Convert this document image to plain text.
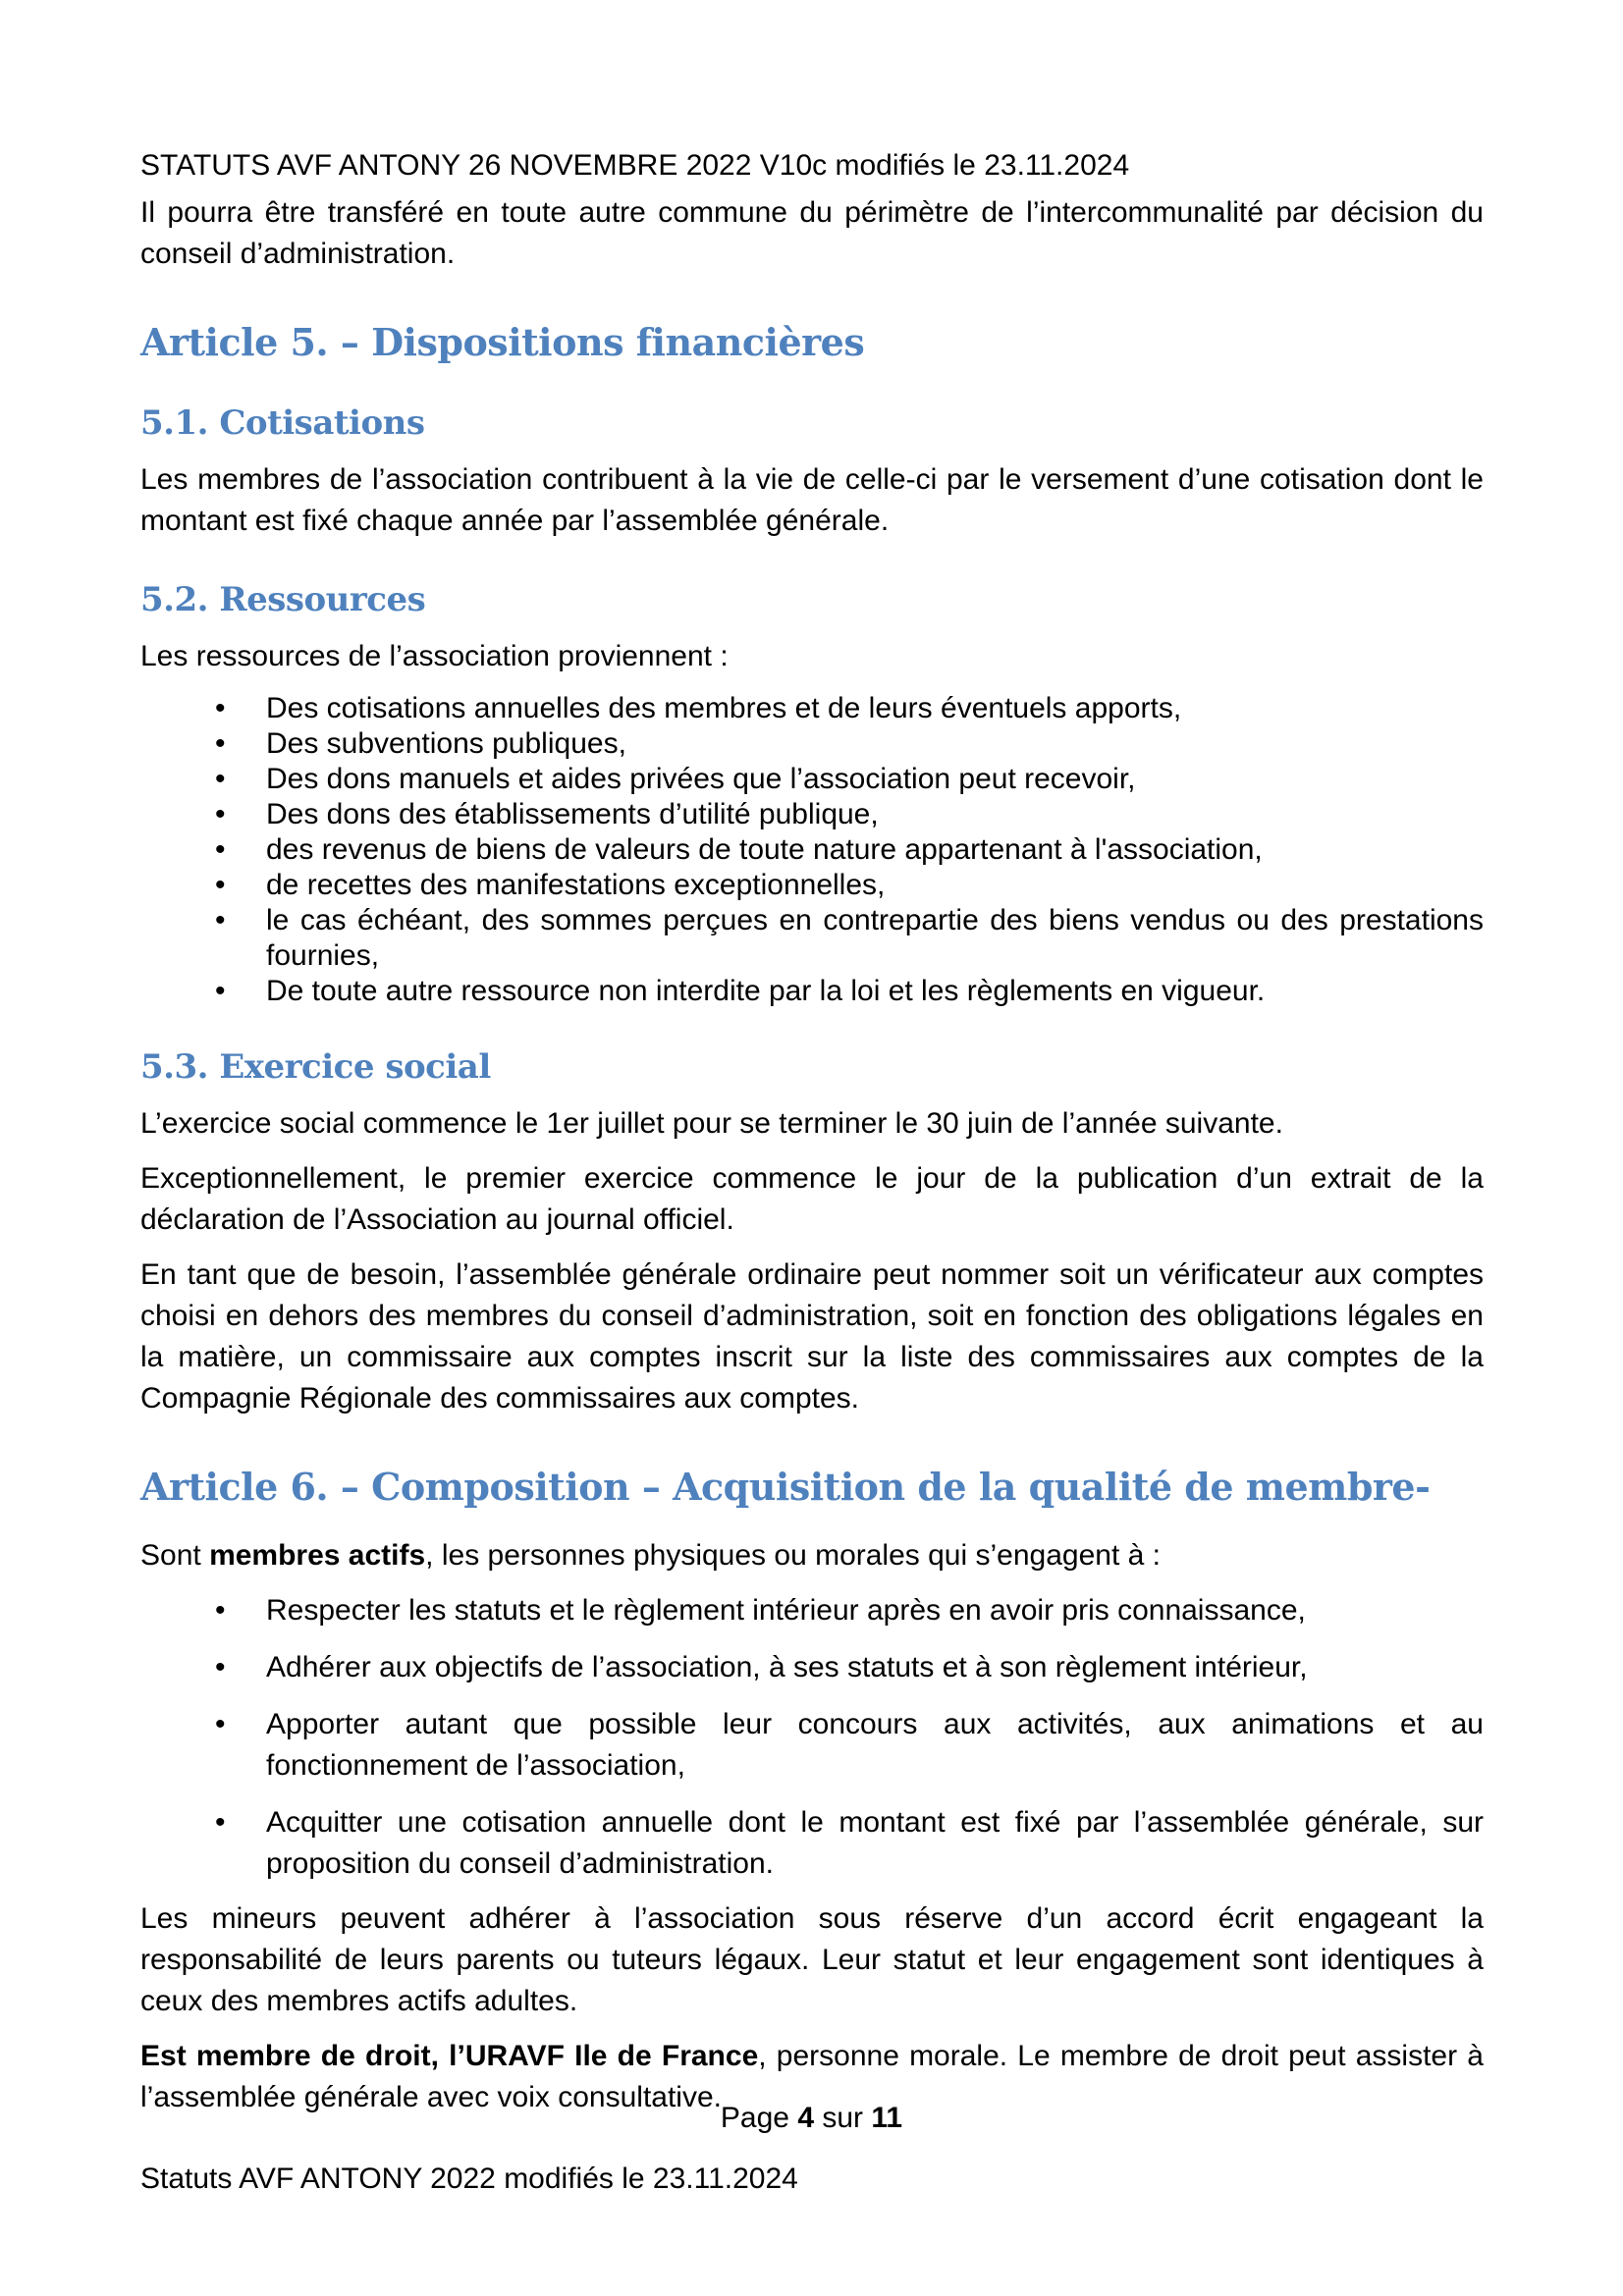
STATUTS AVF ANTONY 26 NOVEMBRE 2022 V10c modifiés le 23.11.2024

Il pourra être transféré en toute autre commune du périmètre de l’intercommunalité par décision du conseil d’administration.

Article 5. – Dispositions financières
5.1. Cotisations

Les membres de l’association contribuent à la vie de celle-ci par le versement d’une cotisation dont le montant est fixé chaque année par l’assemblée générale.

5.2. Ressources

Les ressources de l’association proviennent :

• Des cotisations annuelles des membres et de leurs éventuels apports,
• Des subventions publiques,
• Des dons manuels et aides privées que l’association peut recevoir,
• Des dons des établissements d’utilité publique,
• des revenus de biens de valeurs de toute nature appartenant à l'association,
• de recettes des manifestations exceptionnelles,
• le cas échéant, des sommes perçues en contrepartie des biens vendus ou des prestations fournies,
• De toute autre ressource non interdite par la loi et les règlements en vigueur.
5.3. Exercice social

L’exercice social commence le 1er juillet pour se terminer le 30 juin de l’année suivante.

Exceptionnellement, le premier exercice commence le jour de la publication d’un extrait de la déclaration de l’Association au journal officiel.

En tant que de besoin, l’assemblée générale ordinaire peut nommer soit un vérificateur aux comptes choisi en dehors des membres du conseil d’administration, soit en fonction des obligations légales en la matière, un commissaire aux comptes inscrit sur la liste des commissaires aux comptes de la Compagnie Régionale des commissaires aux comptes.

Article 6. – Composition – Acquisition de la qualité de membre-

Sont membres actifs, les personnes physiques ou morales qui s’engagent à :

• Respecter les statuts et le règlement intérieur après en avoir pris connaissance,
• Adhérer aux objectifs de l’association, à ses statuts et à son règlement intérieur,
• Apporter autant que possible leur concours aux activités, aux animations et au fonctionnement de l’association,
• Acquitter une cotisation annuelle dont le montant est fixé par l’assemblée générale, sur proposition du conseil d’administration.

Les mineurs peuvent adhérer à l’association sous réserve d’un accord écrit engageant la responsabilité de leurs parents ou tuteurs légaux. Leur statut et leur engagement sont identiques à ceux des membres actifs adultes.

Est membre de droit, l’URAVF Ile de France, personne morale. Le membre de droit peut assister à l’assemblée générale avec voix consultative.

Page 4 sur 11
Statuts AVF ANTONY 2022 modifiés le 23.11.2024
